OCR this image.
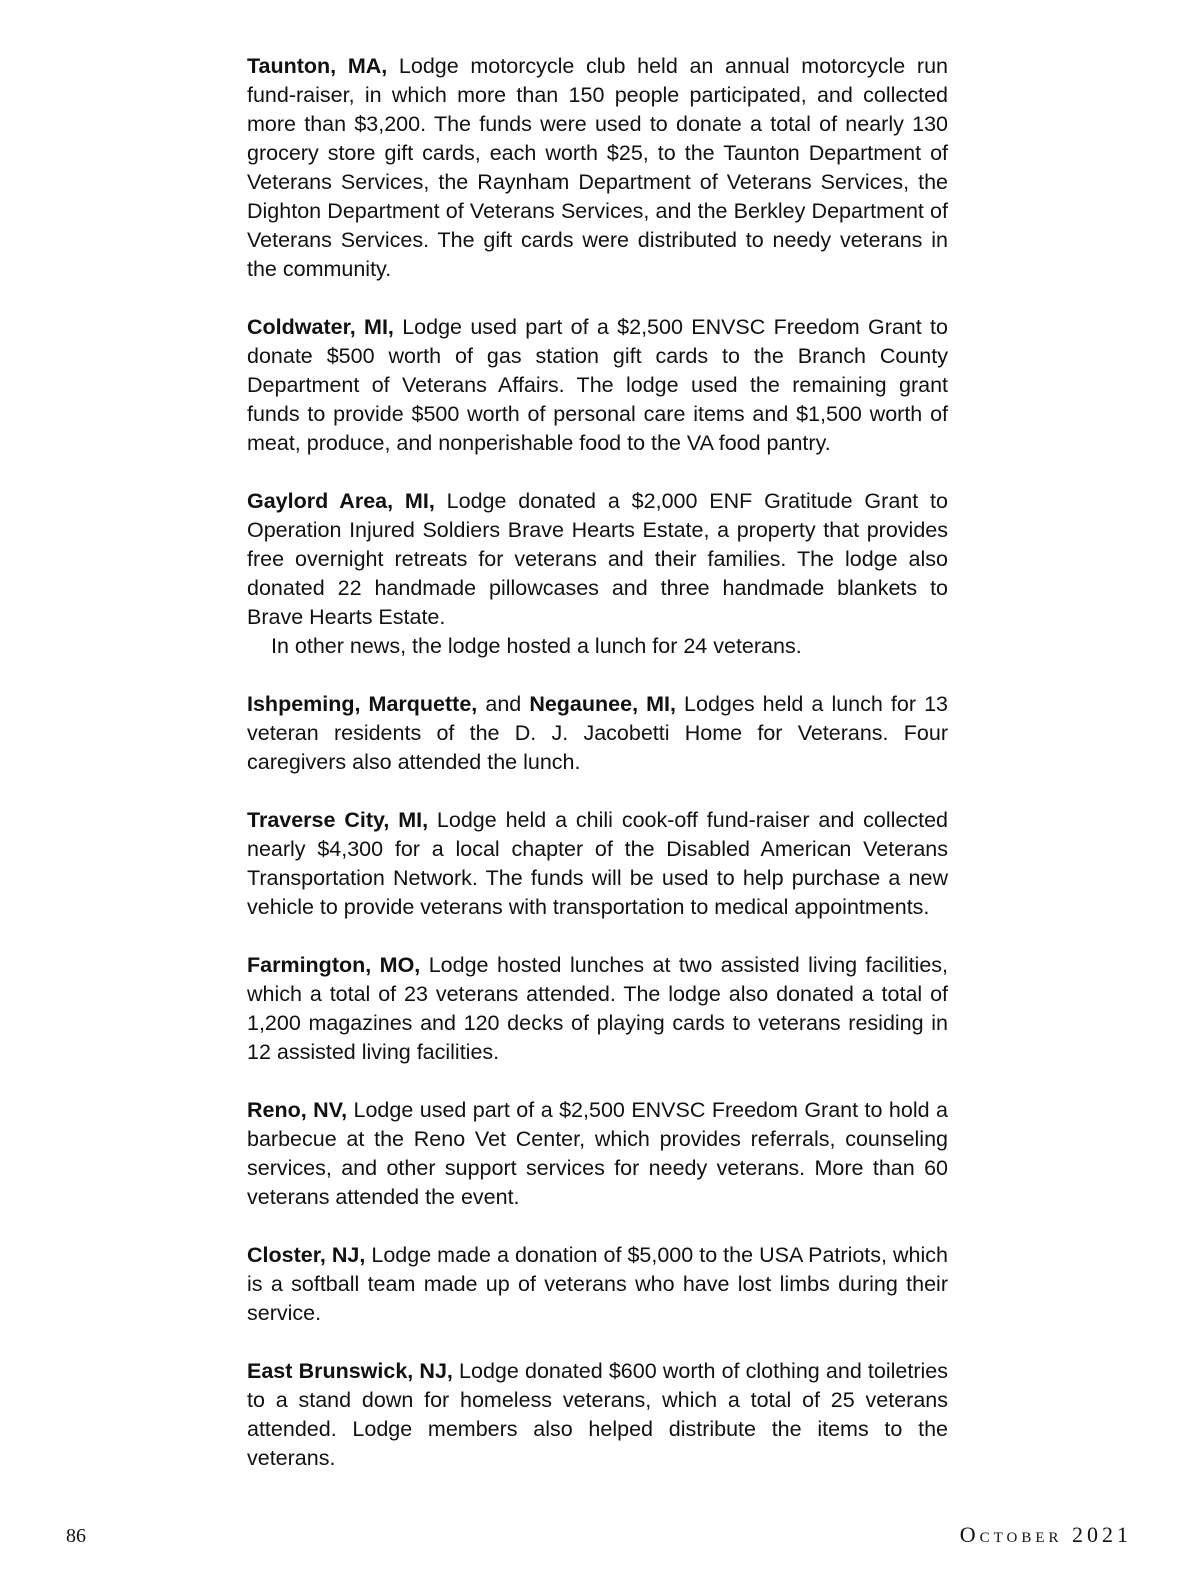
Taunton, MA, Lodge motorcycle club held an annual motorcycle run fund-raiser, in which more than 150 people participated, and collected more than $3,200. The funds were used to donate a total of nearly 130 grocery store gift cards, each worth $25, to the Taunton Department of Veterans Services, the Raynham Department of Veterans Services, the Dighton Department of Veterans Services, and the Berkley Department of Veterans Services. The gift cards were distributed to needy veterans in the community.

Coldwater, MI, Lodge used part of a $2,500 ENVSC Freedom Grant to donate $500 worth of gas station gift cards to the Branch County Department of Veterans Affairs. The lodge used the remaining grant funds to provide $500 worth of personal care items and $1,500 worth of meat, produce, and nonperishable food to the VA food pantry.

Gaylord Area, MI, Lodge donated a $2,000 ENF Gratitude Grant to Operation Injured Soldiers Brave Hearts Estate, a property that provides free overnight retreats for veterans and their families. The lodge also donated 22 handmade pillowcases and three handmade blankets to Brave Hearts Estate.

In other news, the lodge hosted a lunch for 24 veterans.

Ishpeming, Marquette, and Negaunee, MI, Lodges held a lunch for 13 veteran residents of the D. J. Jacobetti Home for Veterans. Four caregivers also attended the lunch.

Traverse City, MI, Lodge held a chili cook-off fund-raiser and collected nearly $4,300 for a local chapter of the Disabled American Veterans Transportation Network. The funds will be used to help purchase a new vehicle to provide veterans with transportation to medical appointments.

Farmington, MO, Lodge hosted lunches at two assisted living facilities, which a total of 23 veterans attended. The lodge also donated a total of 1,200 magazines and 120 decks of playing cards to veterans residing in 12 assisted living facilities.

Reno, NV, Lodge used part of a $2,500 ENVSC Freedom Grant to hold a barbecue at the Reno Vet Center, which provides referrals, counseling services, and other support services for needy veterans. More than 60 veterans attended the event.

Closter, NJ, Lodge made a donation of $5,000 to the USA Patriots, which is a softball team made up of veterans who have lost limbs during their service.

East Brunswick, NJ, Lodge donated $600 worth of clothing and toiletries to a stand down for homeless veterans, which a total of 25 veterans attended. Lodge members also helped distribute the items to the veterans.

86	October 2021
